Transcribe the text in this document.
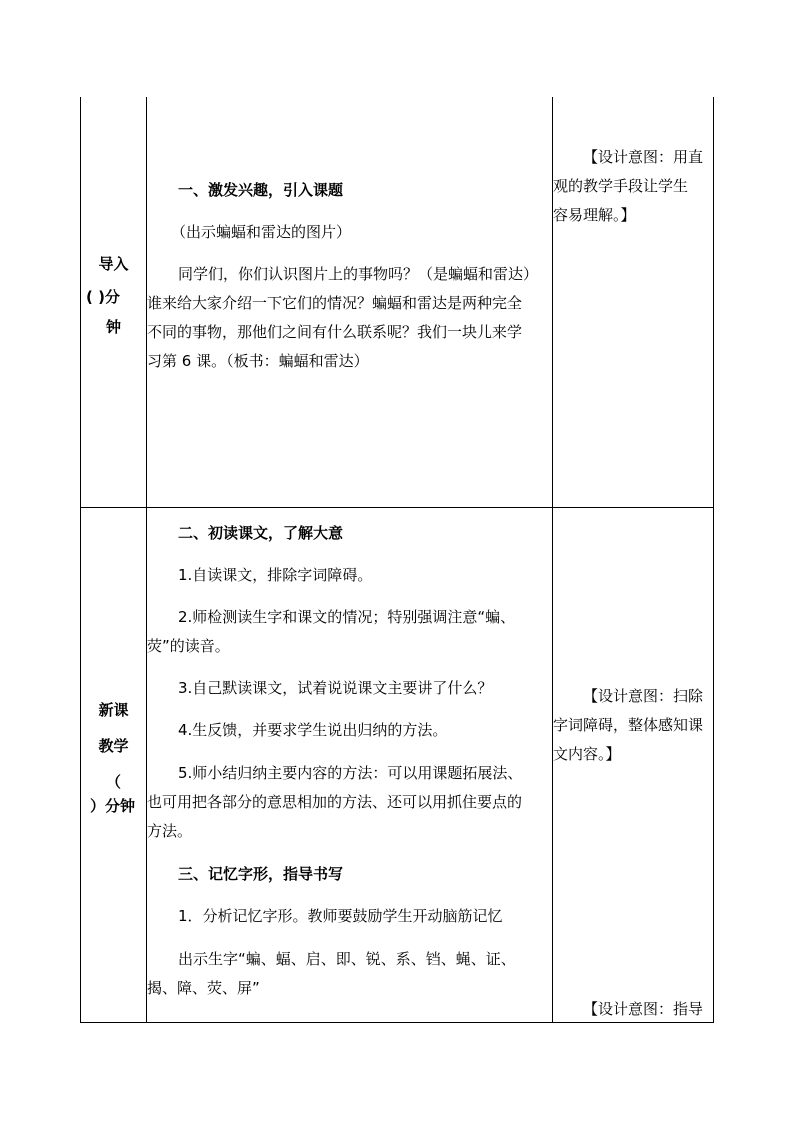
导入
( )分
钟
一、激发兴趣，引入课题
（出示蝙蝠和雷达的图片）
同学们，你们认识图片上的事物吗？（是蝙蝠和雷达）
谁来给大家介绍一下它们的情况？蝙蝠和雷达是两种完全
不同的事物，那他们之间有什么联系呢？我们一块儿来学
习第 6 课。（板书：蝙蝠和雷达）
【设计意图：用直
观的教学手段让学生
容易理解。】
新课
教学
（
）分钟
二、初读课文，了解大意
1.自读课文，排除字词障碍。
2.师检测读生字和课文的情况；特别强调注意“蝙、
荧”的读音。
3.自己默读课文，试着说说课文主要讲了什么？
4.生反馈，并要求学生说出归纳的方法。
5.师小结归纳主要内容的方法：可以用课题拓展法、
也可用把各部分的意思相加的方法、还可以用抓住要点的
方法。
三、记忆字形，指导书写
1．分析记忆字形。教师要鼓励学生开动脑筋记忆
出示生字“蝙、蝠、启、即、锐、系、铛、蝇、证、
揭、障、荧、屏”
【设计意图：扫除
字词障碍，整体感知课
文内容。】
【设计意图：指导
